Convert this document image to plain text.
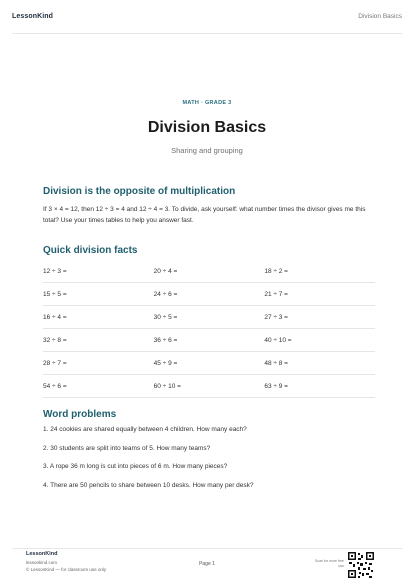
LessonKind	Division Basics
MATH · GRADE 3
Division Basics
Sharing and grouping
Division is the opposite of multiplication
If 3 × 4 = 12, then 12 ÷ 3 = 4 and 12 ÷ 4 = 3. To divide, ask yourself: what number times the divisor gives me this total? Use your times tables to help you answer fast.
Quick division facts
12 ÷ 3 =	20 ÷ 4 =	18 ÷ 2 =
15 ÷ 5 =	24 ÷ 6 =	21 ÷ 7 =
16 ÷ 4 =	30 ÷ 5 =	27 ÷ 3 =
32 ÷ 8 =	36 ÷ 6 =	40 ÷ 10 =
28 ÷ 7 =	45 ÷ 9 =	48 ÷ 8 =
54 ÷ 6 =	60 ÷ 10 =	63 ÷ 9 =
Word problems
1. 24 cookies are shared equally between 4 children. How many each?
2. 30 students are split into teams of 5. How many teams?
3. A rope 36 m long is cut into pieces of 6 m. How many pieces?
4. There are 50 pencils to share between 10 desks. How many per desk?
LessonKind
lessonkind.com
© LessonKind — for classroom use only
Page 1	Scan for more free use
